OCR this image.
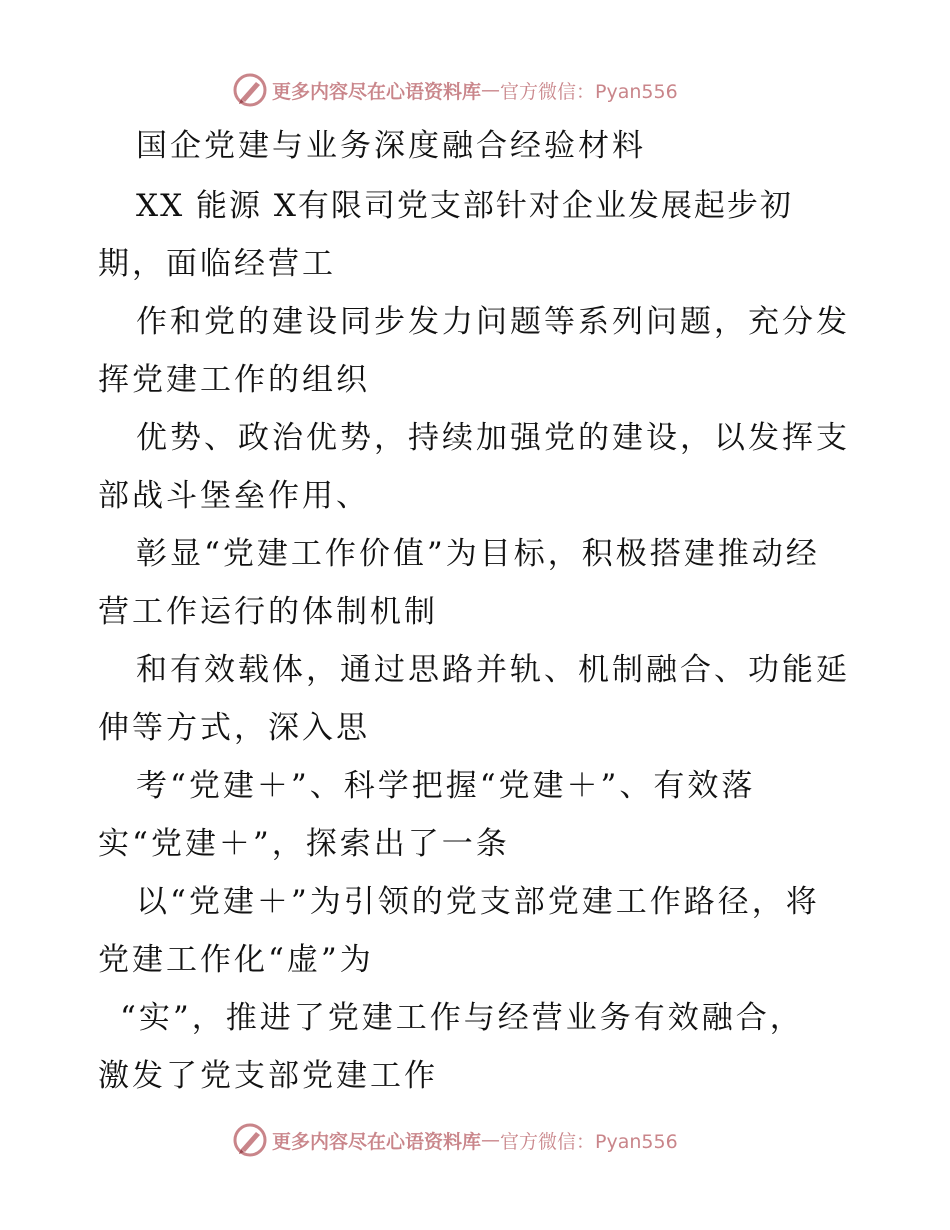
更多内容尽在心语资料库 — 官方微信：Pyan556
国企党建与业务深度融合经验材料
XX 能源 X有限司党支部针对企业发展起步初
期，面临经营工
作和党的建设同步发力问题等系列问题，充分发
挥党建工作的组织
优势、政治优势，持续加强党的建设，以发挥支
部战斗堡垒作用、
彰显“党建工作价值”为目标，积极搭建推动经
营工作运行的体制机制
和有效载体，通过思路并轨、机制融合、功能延
伸等方式，深入思
考“党建＋”、科学把握“党建＋”、有效落
实“党建＋”，探索出了一条
以“党建＋”为引领的党支部党建工作路径，将
党建工作化“虚”为
“实”，推进了党建工作与经营业务有效融合，
激发了党支部党建工作
更多内容尽在心语资料库 — 官方微信：Pyan556
